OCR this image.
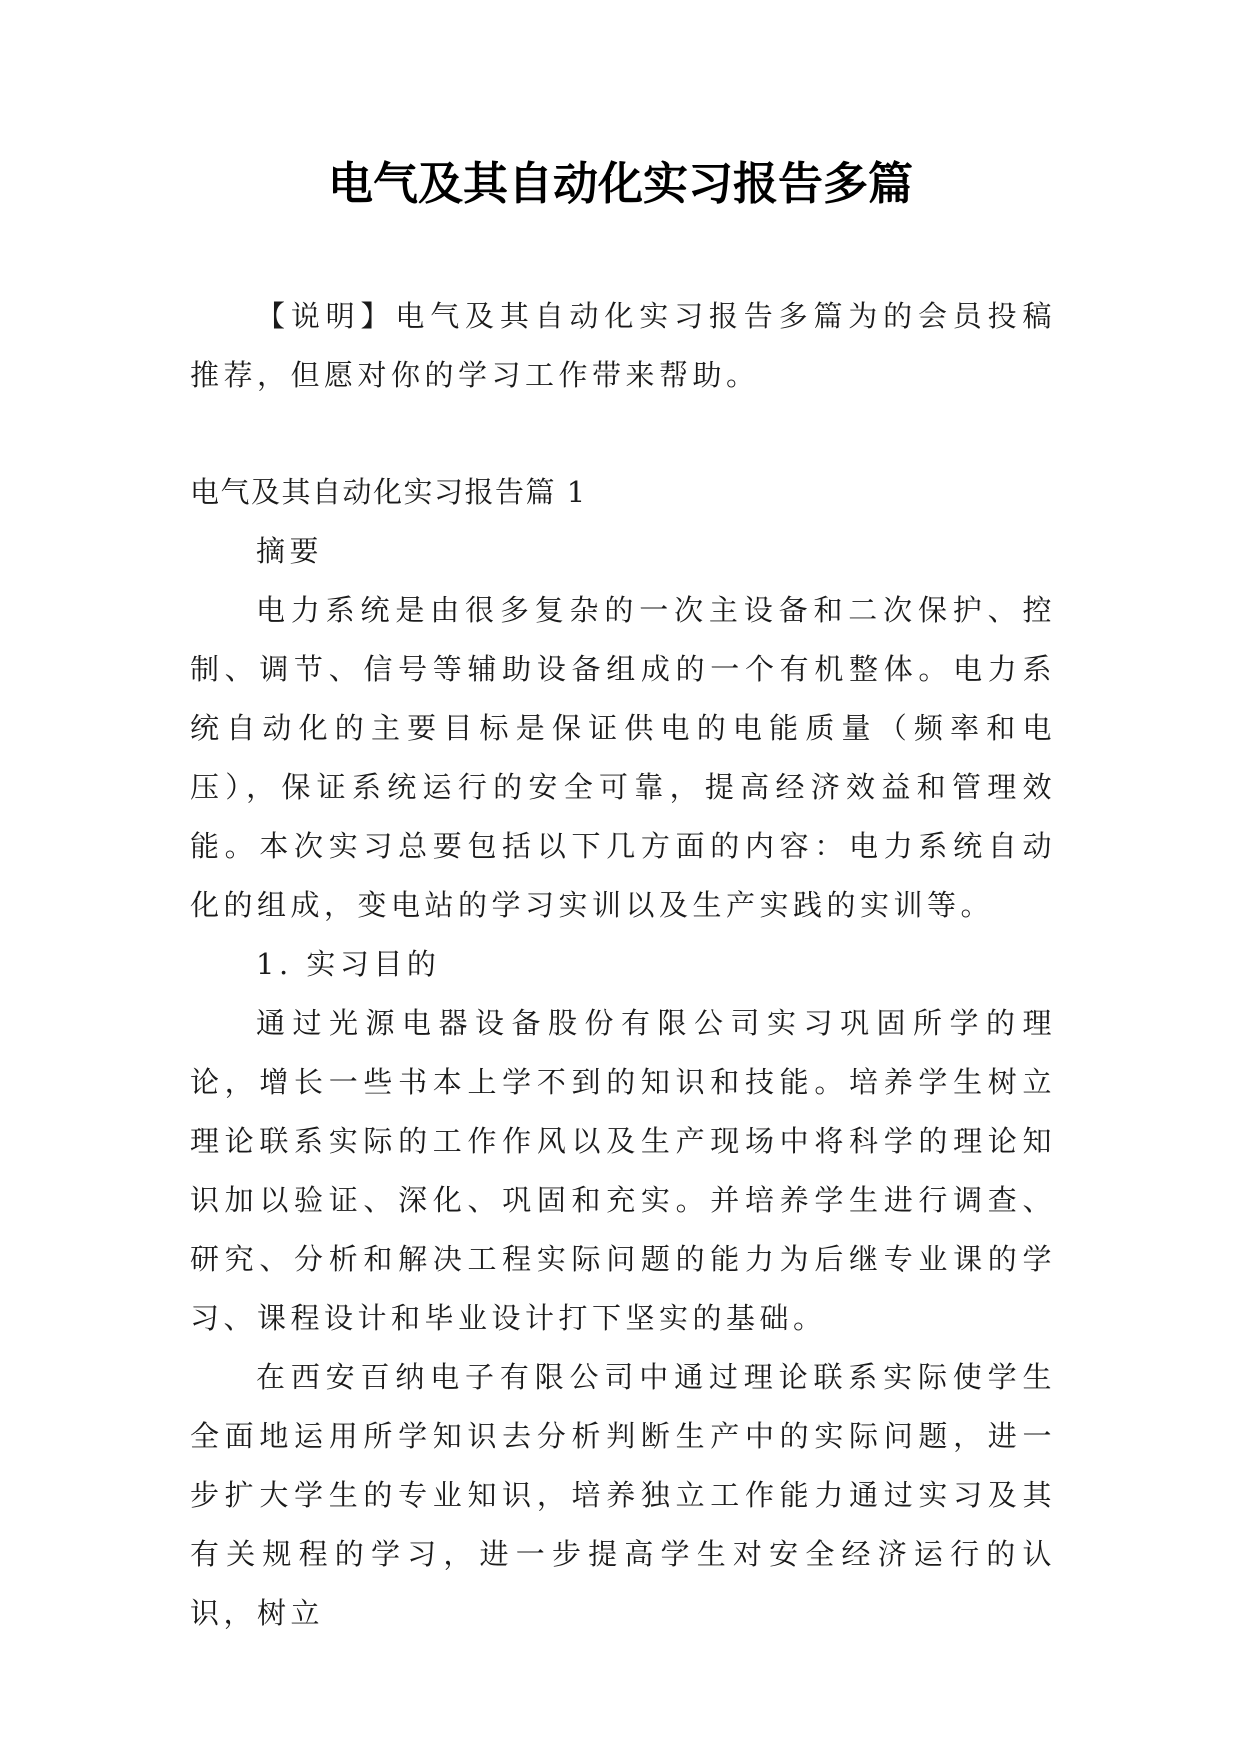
电气及其自动化实习报告多篇

【说明】电气及其自动化实习报告多篇为的会员投稿推荐，但愿对你的学习工作带来帮助。

电气及其自动化实习报告篇 1

摘要

电力系统是由很多复杂的一次主设备和二次保护、控制、调节、信号等辅助设备组成的一个有机整体。电力系统自动化的主要目标是保证供电的电能质量（频率和电压），保证系统运行的安全可靠，提高经济效益和管理效能。本次实习总要包括以下几方面的内容：电力系统自动化的组成，变电站的学习实训以及生产实践的实训等。

1. 实习目的

通过光源电器设备股份有限公司实习巩固所学的理论，增长一些书本上学不到的知识和技能。培养学生树立理论联系实际的工作作风以及生产现场中将科学的理论知识加以验证、深化、巩固和充实。并培养学生进行调查、研究、分析和解决工程实际问题的能力为后继专业课的学习、课程设计和毕业设计打下坚实的基础。

在西安百纳电子有限公司中通过理论联系实际使学生全面地运用所学知识去分析判断生产中的实际问题，进一步扩大学生的专业知识，培养独立工作能力通过实习及其有关规程的学习，进一步提高学生对安全经济运行的认识，树立
